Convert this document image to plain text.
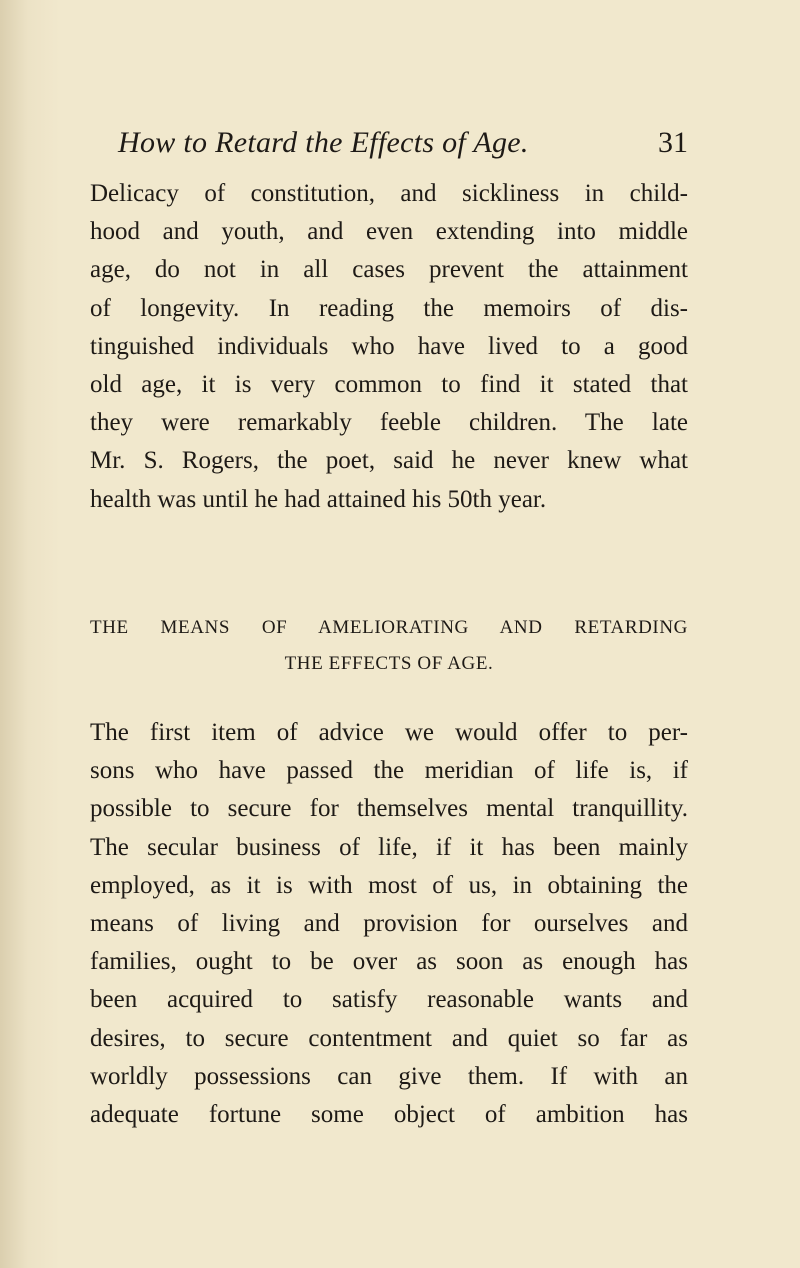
How to Retard the Effects of Age.	31

Delicacy of constitution, and sickliness in child-
hood and youth, and even extending into middle
age, do not in all cases prevent the attainment
of longevity. In reading the memoirs of dis-
tinguished individuals who have lived to a good
old age, it is very common to find it stated that
they were remarkably feeble children. The late
Mr. S. Rogers, the poet, said he never knew what
health was until he had attained his 50th year.

THE MEANS OF AMELIORATING AND RETARDING
THE EFFECTS OF AGE.

The first item of advice we would offer to per-
sons who have passed the meridian of life is, if
possible to secure for themselves mental tranquillity.
The secular business of life, if it has been mainly
employed, as it is with most of us, in obtaining the
means of living and provision for ourselves and
families, ought to be over as soon as enough has
been acquired to satisfy reasonable wants and
desires, to secure contentment and quiet so far as
worldly possessions can give them. If with an
adequate fortune some object of ambition has
